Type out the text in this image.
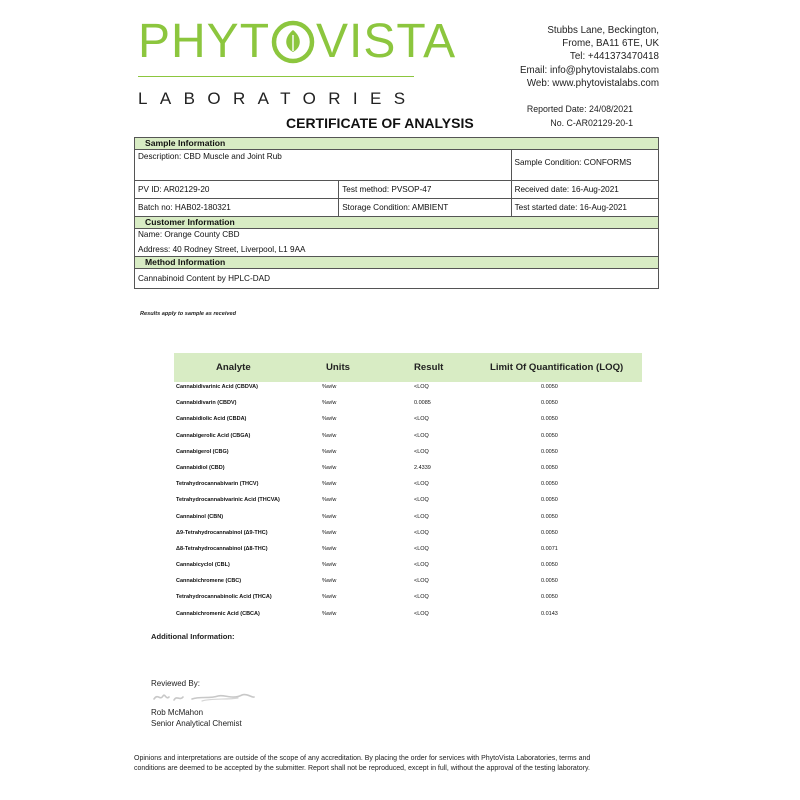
PHYT VISTA
LABORATORIES
Stubbs Lane, Beckington,
Frome, BA11 6TE, UK
Tel: +441373470418
Email: info@phytovistalabs.com
Web: www.phytovistalabs.com
Reported Date: 24/08/2021
No. C-AR02129-20-1
CERTIFICATE OF ANALYSIS
Sample Information
Description: CBD Muscle and Joint Rub
Sample Condition: CONFORMS
PV ID: AR02129-20	Test method: PVSOP-47	Received date: 16-Aug-2021
Batch no: HAB02-180321	Storage Condition: AMBIENT	Test started date: 16-Aug-2021
Customer Information
Name: Orange County CBD
Address: 40 Rodney Street, Liverpool, L1 9AA
Method Information
Cannabinoid Content by HPLC-DAD
Results apply to sample as received
Analyte	Units	Result	Limit Of Quantification (LOQ)
Cannabidivarinic Acid (CBDVA)	%w/w	<LOQ	0.0050
Cannabidivarin (CBDV)	%w/w	0.0085	0.0050
Cannabidiolic Acid (CBDA)	%w/w	<LOQ	0.0050
Cannabigerolic Acid (CBGA)	%w/w	<LOQ	0.0050
Cannabigerol (CBG)	%w/w	<LOQ	0.0050
Cannabidiol (CBD)	%w/w	2.4339	0.0050
Tetrahydrocannabivarin (THCV)	%w/w	<LOQ	0.0050
Tetrahydrocannabivarinic Acid (THCVA)	%w/w	<LOQ	0.0050
Cannabinol (CBN)	%w/w	<LOQ	0.0050
Δ9-Tetrahydrocannabinol (Δ9-THC)	%w/w	<LOQ	0.0050
Δ8-Tetrahydrocannabinol (Δ8-THC)	%w/w	<LOQ	0.0071
Cannabicyclol (CBL)	%w/w	<LOQ	0.0050
Cannabichromene (CBC)	%w/w	<LOQ	0.0050
Tetrahydrocannabinolic Acid (THCA)	%w/w	<LOQ	0.0050
Cannabichromenic Acid (CBCA)	%w/w	<LOQ	0.0143
Additional Information:
Reviewed By:
Rob McMahon
Senior Analytical Chemist
Opinions and interpretations are outside of the scope of any accreditation. By placing the order for services with PhytoVista Laboratories, terms and conditions are deemed to be accepted by the submitter. Report shall not be reproduced, except in full, without the approval of the testing laboratory.
